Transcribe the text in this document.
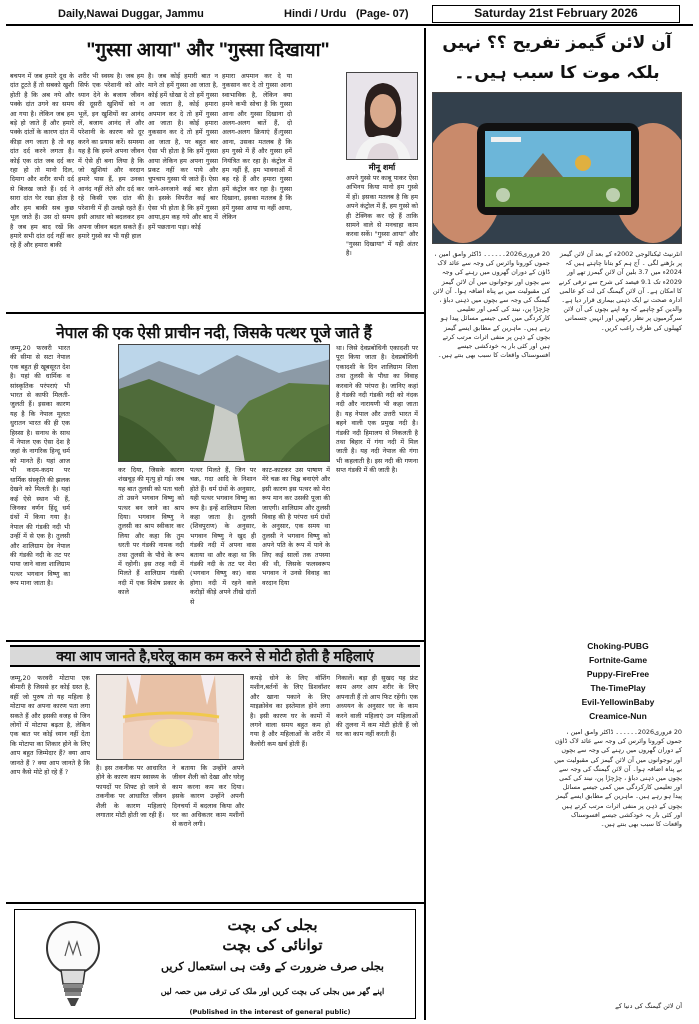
Daily,Nawai Duggar, Jammu	Hindi / Urdu (Page- 07)	Saturday 21st February 2026
"गुस्सा आया" और "गुस्सा दिखाया"
बचपन में जब हमारे दूध के दांत टूटते हैं तो सबको खुशी होती है कि अब नये और पक्के दांत उगने का समय आ गया है। लेकिन जब हम बड़े हो जाते हैं और हमारे पक्के दांतों के कारण दांत में कीड़ा लग जाता है तो वह दांत दर्द करने लगता है। कोई एक दांत जब दर्द कर रहा हो तो मानो दिल, दिमाग और शरीर सभी दर्द से बिलख जाते हैं। दर्द ने सारा दांत घेर रखा होता है और हम बाकी सब कुछ भूल जाते हैं। उस दो समय है जब हम बाद रखें कि हमारे सभी दांत दर्द नहीं कर रहे हैं और हमारा बाकी
शरीर भी स्वस्थ है। जब हम सिर्फ एक परेशानी को ओर ध्यान देने के बजाय जीवन की दूसरी खुशियों को न भूलें, इन खुशियों का आनंद लें, बजाय आनंद लें और परेशानी के कारण को दूर करने का प्रयास करें। समस्या यह है कि हमने अपना जीवन में ऐसे ही बना लिया है कि जो खुशियां और वरदान हमारे पास हैं, हम उनका आनंद नहीं लेते और दर्द कर रहे किसी एक दांत की परेशानी में ही उलझे रहते हैं। इसी आधार को बदलकर हम अपना जीवन बदल सकते हैं। हमारे गुस्से का भी यही हाल
है। जब कोई हमारी बात न माने तो हमें गुस्सा आ जाता है, कोई हमें धोखा दे तो हमें गुस्सा आ जाता है, कोई हमारा अपमान कर दे तो हमें गुस्सा आ जाता है। कोई हमारा नुकसान कर दे तो हमें गुस्सा आ जाता है, पर बहुत बार ऐसा भी होता है कि हमें गुस्सा आया लेकिन हम अपना गुस्सा प्रकट नहीं कर पाये और चुपचाप गुस्सा पी जाते हैं। ऐसा जाने-अनजाने कई बार होता है। इसके विपरीत कई बार ऐसा भी होता है कि हमें गुस्सा आया,हम कह गये और बाद में हमें पछताना पड़ा। कोई
हमारा अपमान कर दे या नुकसान कर दे तो गुस्सा आना स्वाभाविक है, लेकिन क्या हमने कभी सोचा है कि गुस्सा आना और गुस्सा दिखाना दो अलग-अलग बातें हैं, दो अलग-अलग क्रियाएं हैं।गुस्सा आना, उसका मतलब है कि हम गुस्से में हैं और गुस्सा हमें नियंत्रित कर रहा है। कंट्रोल में हम नहीं हैं, हम भावनाओं में बह रहे हैं और हमारा गुस्सा हमें कंट्रोल कर रहा है। गुस्सा दिखाना, इसका मतलब है कि हमें गुस्सा आया या नहीं आया, लेकिन
मीनू शर्मा
अपने गुस्से पर काबू पाकर ऐसा अभिनय किया मानो हम गुस्से में हों। इसका मतलब है कि हम अपने कंट्रोल में हैं, हम गुस्से को ही टेक्निक कर रहे हैं ताकि सामने वाले से मनचाहा काम करवा सकें। "गुस्सा आया" और "गुस्सा दिखाया" में यही अंतर है।
नेपाल की एक ऐसी प्राचीन नदी, जिसके पत्थर पूजे जाते हैं
जम्मू,20 फरवरी भारत की सीमा से सटा नेपाल एक बहुत ही खूबसूरत देश है। यहां की धार्मिक व सांस्कृतिक परंपराएं भी भारत से काफी मिलती-जुलती हैं। इसका कारण यह है कि नेपाल मूलतः धुरातन भारत की ही एक हिस्सा है। सनाथ के साथ में नेपाल एक ऐसा देश है जहां के नागरिक हिन्दू धर्म को मानते हैं। यहां आज भी कदम-कदम पर धार्मिक संस्कृति की झलक देखने को मिलती है। यहां कई ऐसे स्थान भी हैं, जिनका वर्णन हिंदू धर्म ग्रंथों में किया गया है। नेपाल की गंडकी नदी भी उन्हीं में से एक है। तुलसी और शालिग्राम देव नेपाल की गंडकी नदी के तट पर पाया जाने वाला शालिग्राम पत्थर भगवान विष्णु का रूप माना जाता है।
कर दिया, जिसके कारण शंखचूड़ की मृत्यु हो गई। जब यह बात तुलसी को पता चली तो उसने भगवान विष्णु को पत्थर बन जाने का श्राप दिया। भगवान विष्णु ने तुलसी का श्राप स्वीकार कर लिया और कहा कि तुम धरती पर गंडकी नामक नदी तथा तुलसी के पौधे के रूप में रहोगी। इस तरह नदी में मिलते हैं शालिग्राम गंडकी नदी में एक विशेष प्रकार के काले
पत्थर मिलते हैं, जिन पर चक्र, गदा आदि के निशान होते हैं। धर्म ग्रंथों के अनुसार, यही पत्थर भगवान विष्णु का रूप है। इन्हें शालिग्राम शिला कहा जाता है। तुलसी (शिवपुराण) के अनुसार, भगवान विष्णु ने खुद ही गंडकी नदी में अपना वास बताया था और कहा था कि गंडकी नदी के तट पर मेरा (भगवान विष्णु का) वास होगा। नदी में रहने वाले करोड़ों कीड़े अपने तीखे दांतों से
काट-काटकर उस पाषाण में मेरे चक्र का चिह्न बनाएंगे और इसी कारण इस पत्थर को मेरा रूप मान कर उसकी पूजा की जाएगी। शालिग्राम और तुलसी विवाह की है परंपरा धर्म ग्रंथों के अनुसार, एक समय था तुलसी ने भगवान विष्णु को अपने पति के रूप में पाने के लिए कई सालों तक तपस्या की थी, जिसके फलस्वरूप भगवान ने उनसे विवाह का वरदान दिया
था। जिसे देवप्रबोधिनी एकादशी पर पूरा किया जाता है। देवप्रबोधिनी एकादशी के दिन शालिग्राम शिला तथा तुलसी के पौधा का विवाह करवाने की परंपरा है। जानिए कहां है गंडकी नदी गंडकी नदी को नंदक नदी और नारायणी भी कहा जाता है। यह नेपाल और उत्तरी भारत में बहने वाली एक प्रमुख नदी है। गंडकी नदी हिमालय से निकलती है तथा बिहार में गंगा नदी में मिल जाती है। यह नदी नेपाल की गंगा भी कहलाती है। इस नदी की गणना सप्त गंडकी में की जाती है।
क्या आप जानते है,घरेलू काम कम करने से मोटी होती है महिलाएं
जम्मू,20 फरवरी मोटापा एक बीमारी है जिससे हर कोई ग्रस्त है, वहीं जो पुरुष तो यह महिला है मोटापा का अपना कारण पता लगा सकते हैं और इसकी वजह से जिन लोगों में मोटापा बढ़ता है, लेकिन एक बात पर कोई ध्यान नहीं देता कि मोटापा का शिकार होने के लिए आप बहुत जिम्मेदार हैं? क्या आप जानते हैं ? क्या आप जानते है कि आप कैसे मोटे हो रहे हैं ?
है। इस तकनीक पर आधारित होने के कारण काम स्वास्थ्य के फायदों पर शिफ्ट हो जाने से तकनीक पर आधारित जीवन शैली के कारण महिलाएं लगातार मोटी होती जा रही हैं।
ने बताया कि उन्होंने अपने जीवन शैली को देखा और घरेलू काम करना कम कर दिया। इसके कारण उन्होंने अपनी दिनचर्या में बदलाव किया और घर का अधिकतर काम मशीनों से कराने लगी।
कपड़े धोने के लिए वॉशिंग मशीन,बर्तनों के लिए डिशवॉशर और खाना पकाने के लिए माइक्रोवेव का इस्तेमाल होने लगा है। इसी कारण घर के कामों में लगने वाला समय बहुत कम हो गया है और महिलाओं के शरीर में कैलोरी कम खर्च होती हैं।
निकालें। बड़ा ही सुखद यह फ्रंट काम अगर आप शरीर के लिए अपनाती हैं तो आप फिट रहेंगी। एक अध्ययन के अनुसार घर के काम करने वाली महिलाएं उन महिलाओं की तुलना में कम मोटी होती हैं जो घर का काम नहीं करती हैं।
بجلی کی بچت
توانائی کی بچت
بجلی صرف ضرورت کے وقت ہی استعمال کریں
اپنے گھر میں بجلی کی بچت کریں اور ملک کی ترقی میں حصہ لیں
(Published in the interest of general public)
آن لائن گیمز تفریح ؟؟ نہیں
بلکہ موت کا سبب ہیں۔۔
20 فروری2026۔۔۔۔۔۔ ڈاکٹر وامق امین ، جموں کورونا وائرس کی وجہ سے عائد لاک ڈاؤن کے دوران گھروں میں رہنے کی وجہ سے بچوں اور نوجوانوں میں آن لائن گیمز کی مقبولیت میں بے پناہ اضافہ ہوا۔ آن لائن گیمنگ کی وجہ سے بچوں میں ذہنی دباؤ ، چڑچڑا پن، نیند کی کمی اور تعلیمی کارکردگی میں کمی جیسے مسائل پیدا ہو رہے ہیں۔ ماہرین کے مطابق ایسے گیمز بچوں کے ذہن پر منفی اثرات مرتب کرتے ہیں اور کئی بار یہ خودکشی جیسے افسوسناک واقعات کا سبب بھی بنتے ہیں۔
انٹرنیٹ ٹیکنالوجی 2002ء کے بعد آن لائن گیمز پر بڑھنے لگی ۔ آج ہم کو بتانا چاہتے ہیں کہ 2024ء میں 3.7 بلین آن لائن گیمرز تھے اور 2029ء تک 9.1 فیصد کی شرح سے ترقی کرنے کا امکان ہے۔ آن لائن گیمنگ کی لت کو عالمی ادارہ صحت نے ایک ذہنی بیماری قرار دیا ہے۔ والدین کو چاہیے کہ وہ اپنے بچوں کی آن لائن سرگرمیوں پر نظر رکھیں اور انہیں جسمانی کھیلوں کی طرف راغب کریں۔
Choking-PUBG
Fortnite-Game
Puppy-FireFree
The-TimePlay
Evil-YellowinBaby
Creamice-Nun
20 فروری2026۔۔۔۔۔۔ ڈاکٹر وامق امین ، جموں کورونا وائرس کی وجہ سے عائد لاک ڈاؤن کے دوران گھروں میں رہنے کی وجہ سے بچوں اور نوجوانوں میں آن لائن گیمز کی مقبولیت میں بے پناہ اضافہ ہوا۔ آن لائن گیمنگ کی وجہ سے بچوں میں ذہنی دباؤ ، چڑچڑا پن، نیند کی کمی اور تعلیمی کارکردگی میں کمی جیسے مسائل پیدا ہو رہے ہیں۔ ماہرین کے مطابق ایسے گیمز بچوں کے ذہن پر منفی اثرات مرتب کرتے ہیں اور کئی بار یہ خودکشی جیسے افسوسناک واقعات کا سبب بھی بنتے ہیں۔
آن لائن گیمنگ کی دنیا کے
